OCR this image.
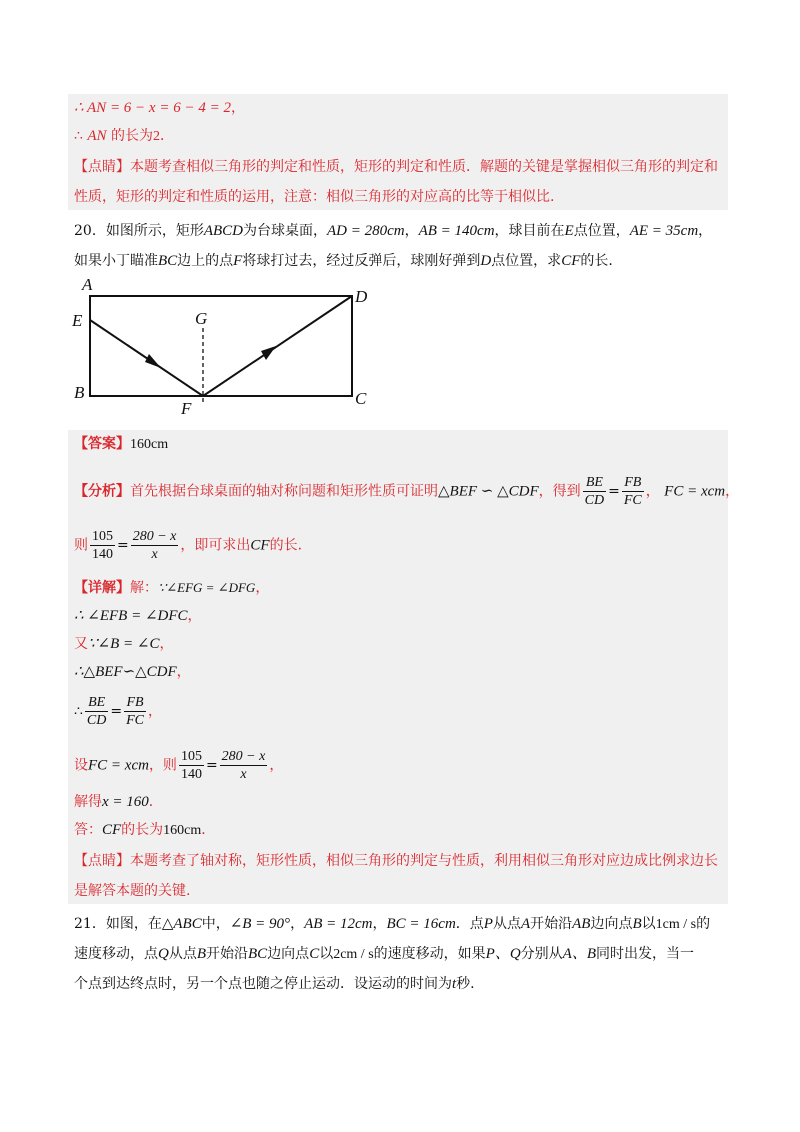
∴ AN = 6 − x = 6 − 4 = 2，
∴ AN 的长为2．
【点睛】本题考查相似三角形的判定和性质，矩形的判定和性质．解题的关键是掌握相似三角形的判定和
性质，矩形的判定和性质的运用，注意：相似三角形的对应高的比等于相似比.
20．如图所示，矩形ABCD为台球桌面，AD = 280cm，AB = 140cm，球目前在E点位置，AE = 35cm，
如果小丁瞄准BC边上的点F将球打过去，经过反弹后，球刚好弹到D点位置，求CF的长.
A
E
B
F
G
D
C
【答案】160cm
【分析】首先根据台球桌面的轴对称问题和矩形性质可证明△BEF ∽ △CDF，得到 $\frac{BE}{CD} = \frac{FB}{FC}$ ， FC = xcm，
则 $\frac{105}{140} = \frac{280 - x}{x}$ ，即可求出CF的长.
【详解】解：∵∠EFG = ∠DFG，
∴ ∠EFB = ∠DFC，
又∵∠B = ∠C，
∴△BEF∽△CDF，
∴ $\frac{BE}{CD} = \frac{FB}{FC}$ ，
设FC = xcm，则 $\frac{105}{140} = \frac{280 - x}{x}$ ，
解得x = 160．
答：CF的长为160cm．
【点睛】本题考查了轴对称，矩形性质，相似三角形的判定与性质，利用相似三角形对应边成比例求边长
是解答本题的关键.
21．如图，在△ABC中，∠B = 90°，AB = 12cm，BC = 16cm．点P从点A开始沿AB边向点B以1cm / s的
速度移动，点Q从点B开始沿BC边向点C以2cm / s的速度移动，如果P、Q分别从A、B同时出发，当一
个点到达终点时，另一个点也随之停止运动．设运动的时间为t秒.
